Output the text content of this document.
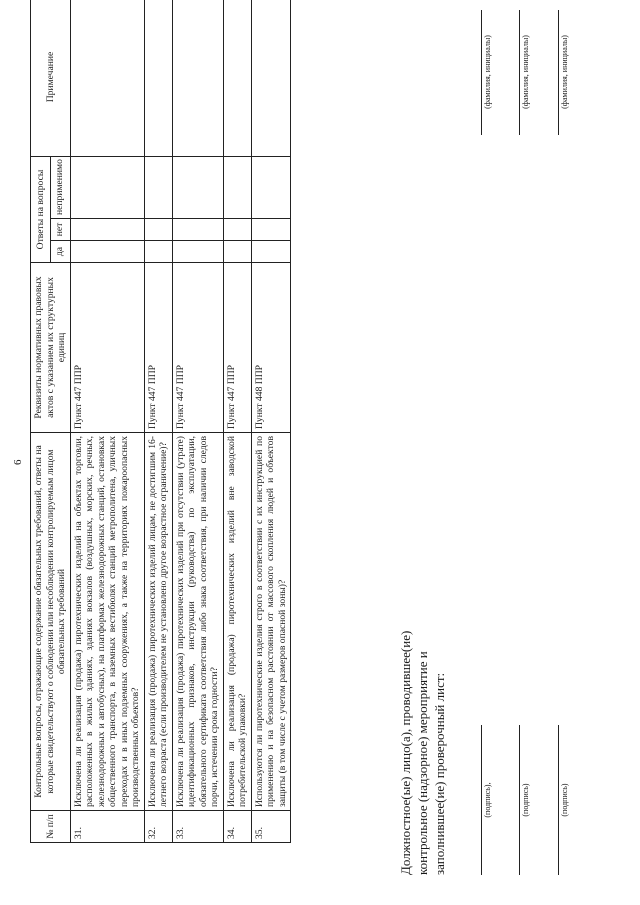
6
№ п/п	Контрольные вопросы, отражающие содержание обязательных требований, ответы на которые свидетельствуют о соблюдении или несоблюдении контролируемым лицом обязательных требований	Реквизиты нормативных правовых актов с указанием их структурных единиц	Ответы на вопросы			Примечание
			да	нет	неприменимо	
31.	Исключена ли реализация (продажа) пиротехнических изделий на объектах торговли, расположенных в жилых зданиях, зданиях вокзалов (воздушных, морских, речных, железнодорожных и автобусных), на платформах железнодорожных станций, остановках общественного транспорта, в наземных вестибюлях станций метрополитена, уличных переходах и в иных подземных сооружениях, а также на территориях пожароопасных производственных объектов?	Пункт 447 ППР				
32.	Исключена ли реализация (продажа) пиротехнических изделий лицам, не достигшим 16-летнего возраста (если производителем не установлено другое возрастное ограничение)?	Пункт 447 ППР				
33.	Исключена ли реализация (продажа) пиротехнических изделий при отсутствии (утрате) идентификационных признаков, инструкции (руководства) по эксплуатации, обязательного сертификата соответствия либо знака соответствия, при наличии следов порчи, истечении срока годности?	Пункт 447 ППР				
34.	Исключена ли реализация (продажа) пиротехнических изделий вне заводской потребительской упаковки?	Пункт 447 ППР				
35.	Используются ли пиротехнические изделия строго в соответствии с их инструкцией по применению и на безопасном расстоянии от массового скопления людей и объектов защиты (в том числе с учетом размеров опасной зоны)?	Пункт 448 ППР				
Должностное(ые) лицо(а), проводившее(ие) контрольное (надзорное) мероприятие и заполнившее(ие) проверочный лист:	(подпись),
(фамилия, инициалы)
(подпись)
(фамилия, инициалы)
(подпись)
(фамилия, инициалы)
